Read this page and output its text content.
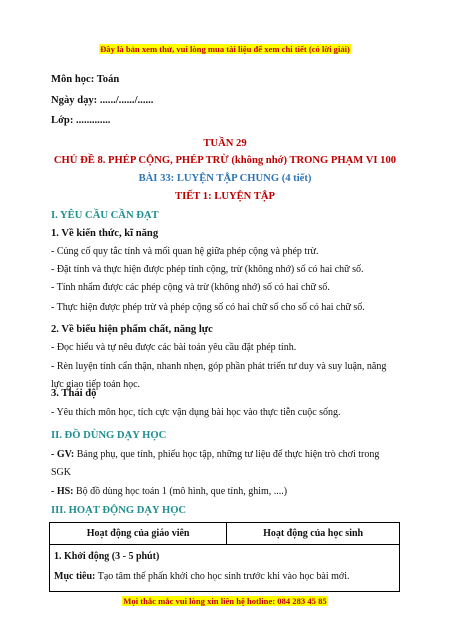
Đây là bản xem thử, vui lòng mua tài liệu để xem chi tiết (có lời giải)
Môn học: Toán
Ngày dạy: ....../....../......
Lớp: .............
TUẦN 29
CHỦ ĐỀ 8. PHÉP CỘNG, PHÉP TRỪ (không nhớ) TRONG PHẠM VI 100
BÀI 33: LUYỆN TẬP CHUNG (4 tiết)
TIẾT 1: LUYỆN TẬP
I. YÊU CẦU CẦN ĐẠT
1. Về kiến thức, kĩ năng
- Củng cố quy tắc tính và mối quan hệ giữa phép cộng và phép trừ.
- Đặt tính và thực hiện được phép tính cộng, trừ (không nhớ) số có hai chữ số.
- Tính nhẩm được các phép cộng và trừ (không nhớ) số có hai chữ số.
- Thực hiện được phép trừ và phép cộng số có hai chữ số cho số có hai chữ số.
2. Về biểu hiện phẩm chất, năng lực
- Đọc hiểu và tự nêu được các bài toán yêu cầu đặt phép tính.
- Rèn luyện tính cẩn thận, nhanh nhẹn, góp phần phát triển tư duy và suy luận, năng
lực giao tiếp toán học.
3. Thái độ
- Yêu thích môn học, tích cực vận dụng bài học vào thực tiễn cuộc sống.
II. ĐỒ DÙNG DẠY HỌC
- GV: Bảng phụ, que tính, phiếu học tập, những tư liệu để thực hiện trò chơi trong
SGK
- HS: Bộ đồ dùng học toán 1 (mô hình, que tính, ghim, ....)
III. HOẠT ĐỘNG DẠY HỌC
Hoạt động của giáo viên	Hoạt động của học sinh

1. Khởi động (3 - 5 phút)
Mục tiêu: Tạo tâm thế phấn khởi cho học sinh trước khi vào học bài mới.
Mọi thắc mắc vui lòng xin liên hệ hotline: 084 283 45 85
